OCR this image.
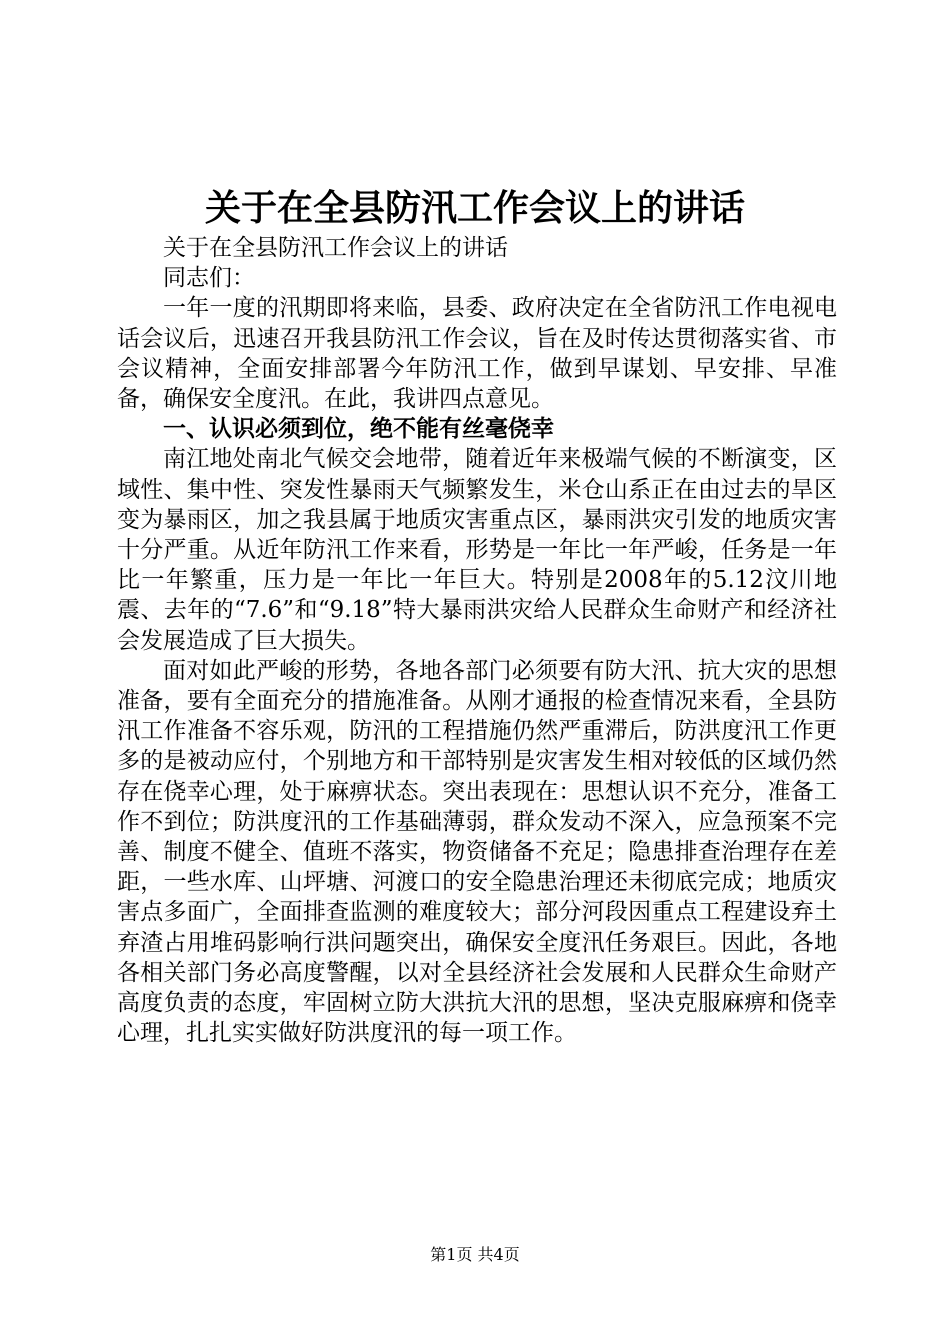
关于在全县防汛工作会议上的讲话

关于在全县防汛工作会议上的讲话

同志们：

一年一度的汛期即将来临，县委、政府决定在全省防汛工作电视电话会议后，迅速召开我县防汛工作会议，旨在及时传达贯彻落实省、市会议精神，全面安排部署今年防汛工作，做到早谋划、早安排、早准备，确保安全度汛。在此，我讲四点意见。

一、认识必须到位，绝不能有丝毫侥幸

南江地处南北气候交会地带，随着近年来极端气候的不断演变，区域性、集中性、突发性暴雨天气频繁发生，米仓山系正在由过去的旱区变为暴雨区，加之我县属于地质灾害重点区，暴雨洪灾引发的地质灾害十分严重。从近年防汛工作来看，形势是一年比一年严峻，任务是一年比一年繁重，压力是一年比一年巨大。特别是2008年的5.12汶川地震、去年的“7.6”和“9.18”特大暴雨洪灾给人民群众生命财产和经济社会发展造成了巨大损失。

面对如此严峻的形势，各地各部门必须要有防大汛、抗大灾的思想准备，要有全面充分的措施准备。从刚才通报的检查情况来看，全县防汛工作准备不容乐观，防汛的工程措施仍然严重滞后，防洪度汛工作更多的是被动应付，个别地方和干部特别是灾害发生相对较低的区域仍然存在侥幸心理，处于麻痹状态。突出表现在：思想认识不充分，准备工作不到位；防洪度汛的工作基础薄弱，群众发动不深入，应急预案不完善、制度不健全、值班不落实，物资储备不充足；隐患排查治理存在差距，一些水库、山坪塘、河渡口的安全隐患治理还未彻底完成；地质灾害点多面广，全面排查监测的难度较大；部分河段因重点工程建设弃土弃渣占用堆码影响行洪问题突出，确保安全度汛任务艰巨。因此，各地各相关部门务必高度警醒，以对全县经济社会发展和人民群众生命财产高度负责的态度，牢固树立防大洪抗大汛的思想，坚决克服麻痹和侥幸心理，扎扎实实做好防洪度汛的每一项工作。

第1页 共4页
